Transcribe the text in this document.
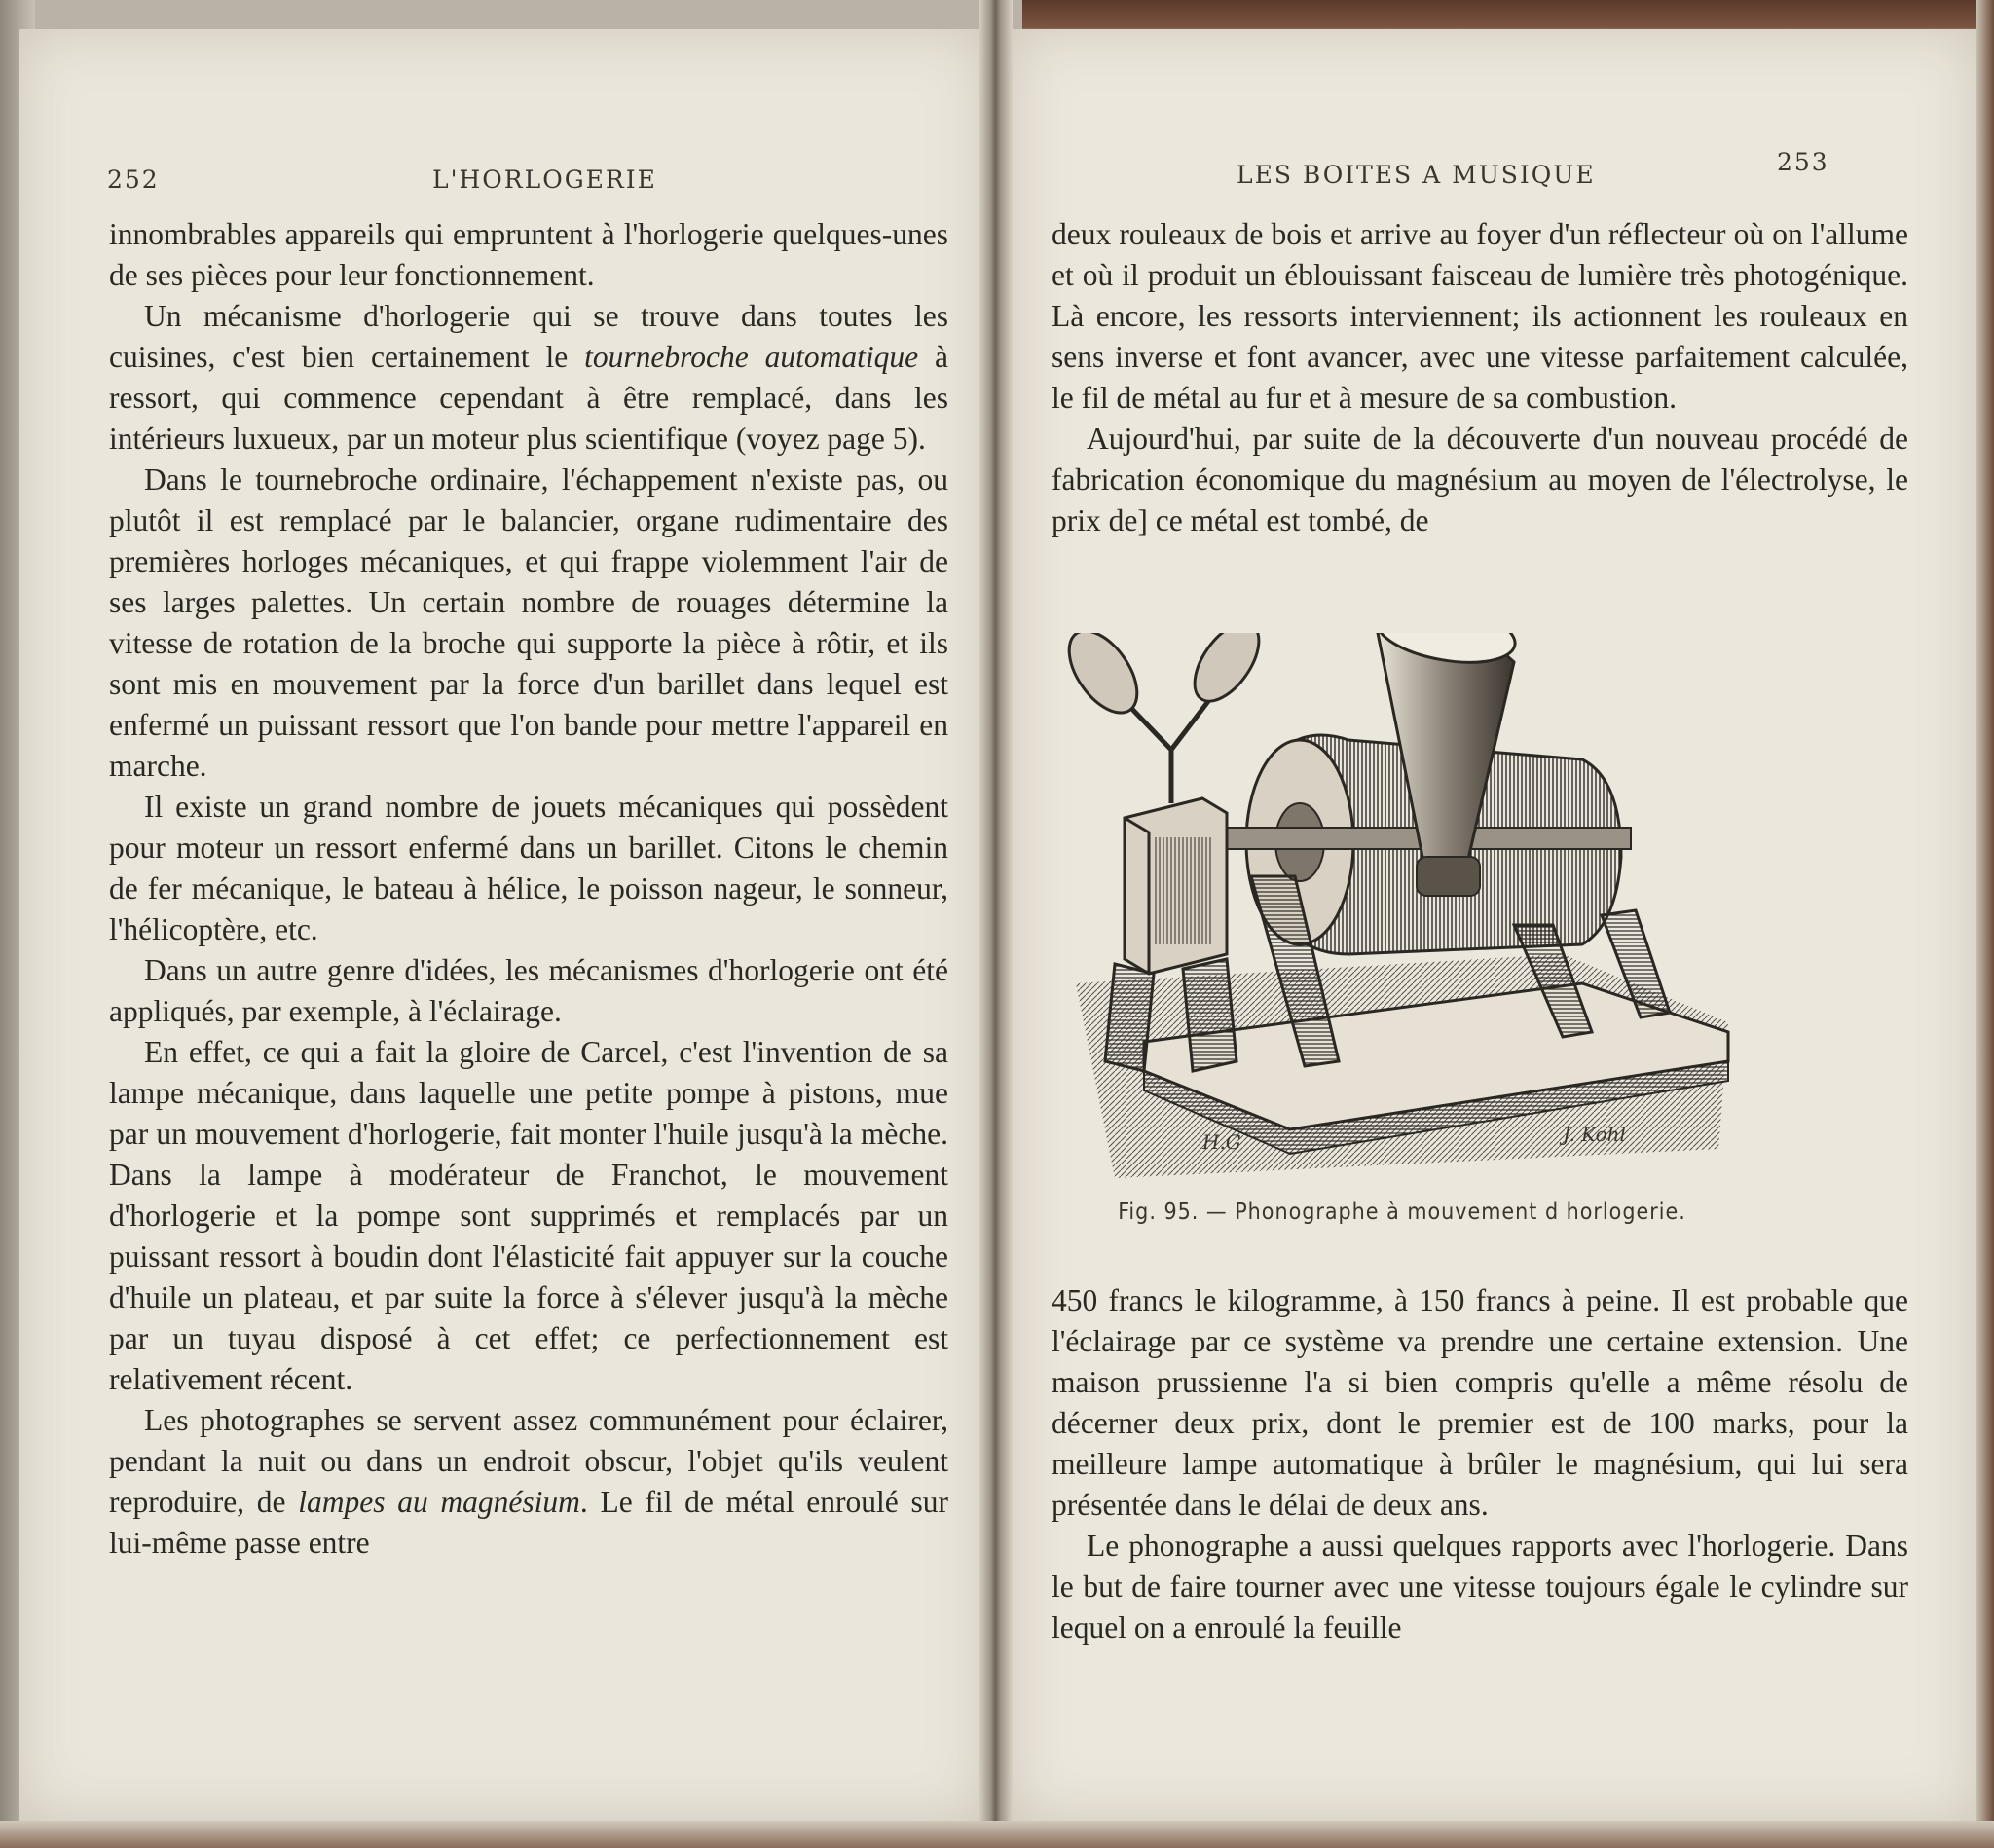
252	L'HORLOGERIE

innombrables appareils qui empruntent à l'horlogerie quelques-unes de ses pièces pour leur fonctionnement.

Un mécanisme d'horlogerie qui se trouve dans toutes les cuisines, c'est bien certainement le tournebroche automatique à ressort, qui commence cependant à être remplacé, dans les intérieurs luxueux, par un moteur plus scientifique (voyez page 5).

Dans le tournebroche ordinaire, l'échappement n'existe pas, ou plutôt il est remplacé par le balancier, organe rudimentaire des premières horloges mécaniques, et qui frappe violemment l'air de ses larges palettes. Un certain nombre de rouages détermine la vitesse de rotation de la broche qui supporte la pièce à rôtir, et ils sont mis en mouvement par la force d'un barillet dans lequel est enfermé un puissant ressort que l'on bande pour mettre l'appareil en marche.

Il existe un grand nombre de jouets mécaniques qui possèdent pour moteur un ressort enfermé dans un barillet. Citons le chemin de fer mécanique, le bateau à hélice, le poisson nageur, le sonneur, l'hélicoptère, etc.

Dans un autre genre d'idées, les mécanismes d'horlogerie ont été appliqués, par exemple, à l'éclairage.

En effet, ce qui a fait la gloire de Carcel, c'est l'invention de sa lampe mécanique, dans laquelle une petite pompe à pistons, mue par un mouvement d'horlogerie, fait monter l'huile jusqu'à la mèche. Dans la lampe à modérateur de Franchot, le mouvement d'horlogerie et la pompe sont supprimés et remplacés par un puissant ressort à boudin dont l'élasticité fait appuyer sur la couche d'huile un plateau, et par suite la force à s'élever jusqu'à la mèche par un tuyau disposé à cet effet; ce perfectionnement est relativement récent.

Les photographes se servent assez communément pour éclairer, pendant la nuit ou dans un endroit obscur, l'objet qu'ils veulent reproduire, de lampes au magnésium. Le fil de métal enroulé sur lui-même passe entre

LES BOITES A MUSIQUE	253

deux rouleaux de bois et arrive au foyer d'un réflecteur où on l'allume et où il produit un éblouissant faisceau de lumière très photogénique. Là encore, les ressorts interviennent; ils actionnent les rouleaux en sens inverse et font avancer, avec une vitesse parfaitement calculée, le fil de métal au fur et à mesure de sa combustion.

Aujourd'hui, par suite de la découverte d'un nouveau procédé de fabrication économique du magnésium au moyen de l'électrolyse, le prix de] ce métal est tombé, de

450 francs le kilogramme, à 150 francs à peine. Il est probable que l'éclairage par ce système va prendre une certaine extension. Une maison prussienne l'a si bien compris qu'elle a même résolu de décerner deux prix, dont le premier est de 100 marks, pour la meilleure lampe automatique à brûler le magnésium, qui lui sera présentée dans le délai de deux ans.

Le phonographe a aussi quelques rapports avec l'horlogerie. Dans le but de faire tourner avec une vitesse toujours égale le cylindre sur lequel on a enroulé la feuille

H.G	J. Kohl
Fig. 95. — Phonographe à mouvement d horlogerie.
